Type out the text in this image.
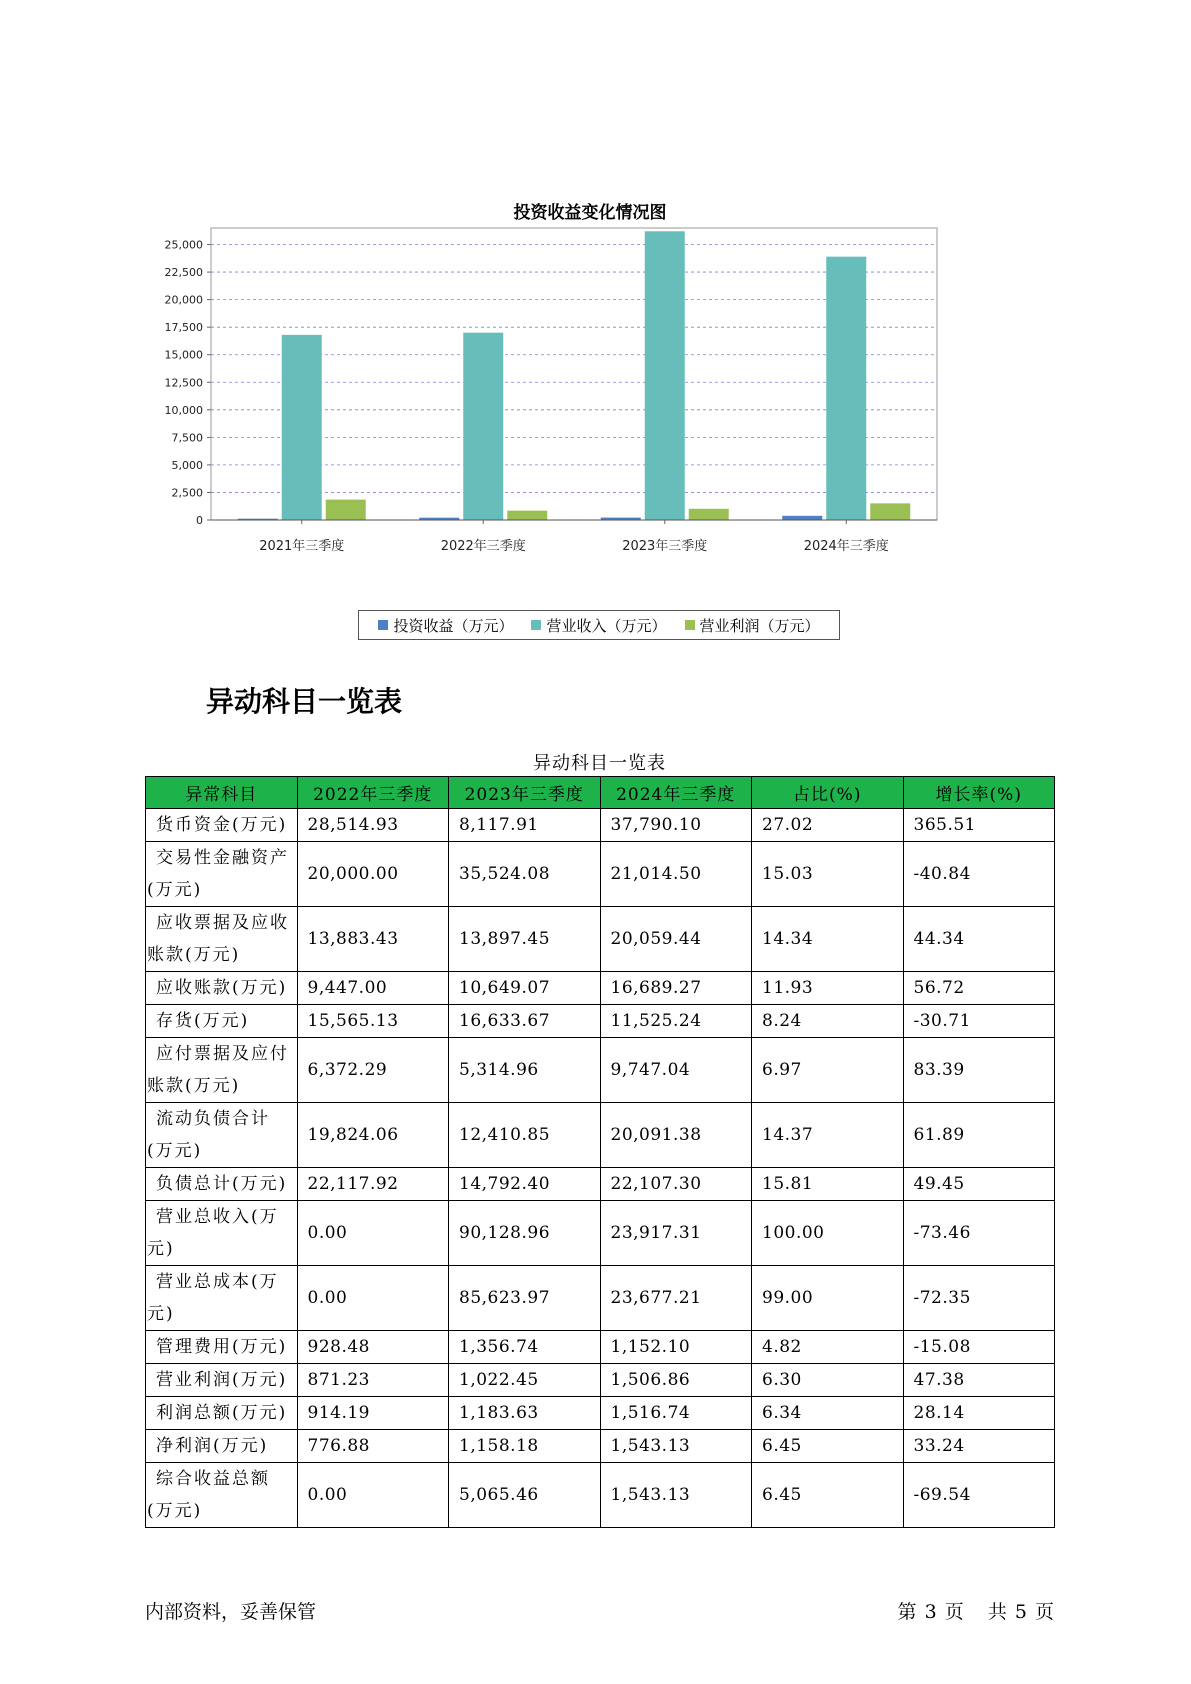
0
2,500
5,000
7,500
10,000
12,500
15,000
17,500
20,000
22,500
25,000
2021年三季度	2022年三季度	2023年三季度	2024年三季度
投资收益变化情况图
投资收益（万元） 营业收入（万元） 营业利润（万元）
异动科目一览表
异动科目一览表
异常科目	2022年三季度	2023年三季度	2024年三季度	占比(%)	增长率(%)
货币资金(万元)	28,514.93	8,117.91	37,790.10	27.02	365.51
交易性金融资产(万元)	20,000.00	35,524.08	21,014.50	15.03	-40.84
应收票据及应收账款(万元)	13,883.43	13,897.45	20,059.44	14.34	44.34
应收账款(万元)	9,447.00	10,649.07	16,689.27	11.93	56.72
存货(万元)	15,565.13	16,633.67	11,525.24	8.24	-30.71
应付票据及应付账款(万元)	6,372.29	5,314.96	9,747.04	6.97	83.39
流动负债合计(万元)	19,824.06	12,410.85	20,091.38	14.37	61.89
负债总计(万元)	22,117.92	14,792.40	22,107.30	15.81	49.45
营业总收入(万元)	0.00	90,128.96	23,917.31	100.00	-73.46
营业总成本(万元)	0.00	85,623.97	23,677.21	99.00	-72.35
管理费用(万元)	928.48	1,356.74	1,152.10	4.82	-15.08
营业利润(万元)	871.23	1,022.45	1,506.86	6.30	47.38
利润总额(万元)	914.19	1,183.63	1,516.74	6.34	28.14
净利润(万元)	776.88	1,158.18	1,543.13	6.45	33.24
综合收益总额(万元)	0.00	5,065.46	1,543.13	6.45	-69.54
内部资料，妥善保管	第 3 页   共 5 页
